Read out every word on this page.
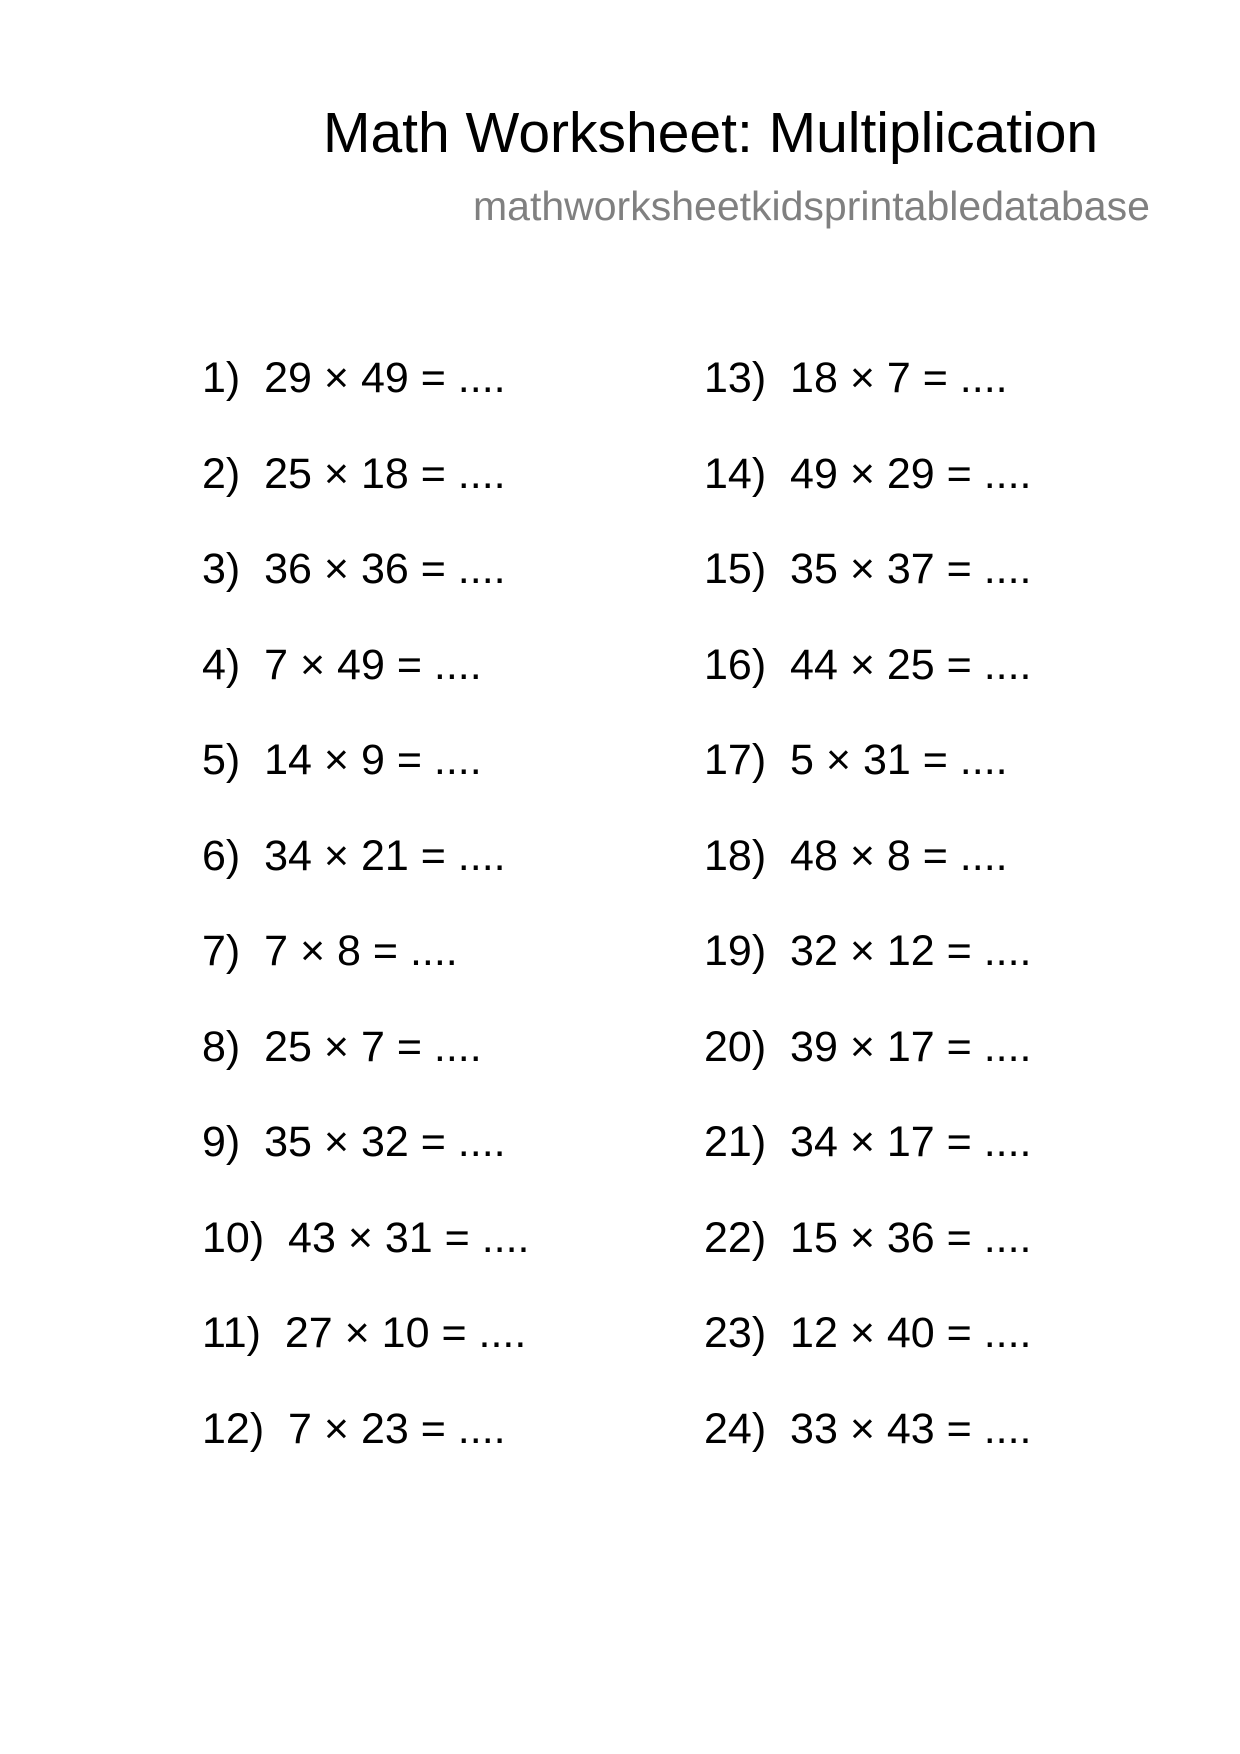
Math Worksheet: Multiplication
mathworksheetkidsprintabledatabase
1)  29 × 49 = ....
2)  25 × 18 = ....
3)  36 × 36 = ....
4)  7 × 49 = ....
5)  14 × 9 = ....
6)  34 × 21 = ....
7)  7 × 8 = ....
8)  25 × 7 = ....
9)  35 × 32 = ....
10)  43 × 31 = ....
11)  27 × 10 = ....
12)  7 × 23 = ....
13)  18 × 7 = ....
14)  49 × 29 = ....
15)  35 × 37 = ....
16)  44 × 25 = ....
17)  5 × 31 = ....
18)  48 × 8 = ....
19)  32 × 12 = ....
20)  39 × 17 = ....
21)  34 × 17 = ....
22)  15 × 36 = ....
23)  12 × 40 = ....
24)  33 × 43 = ....
